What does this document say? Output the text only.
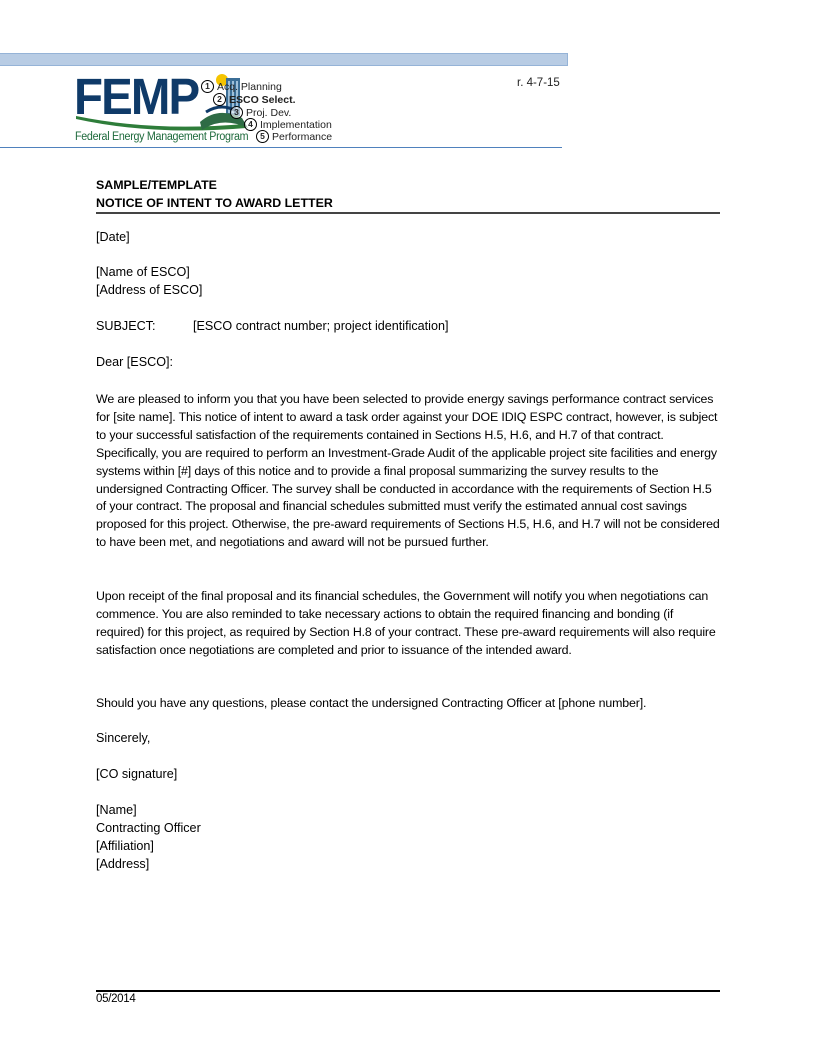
FEMP
Federal Energy Management Program
1 Acq. Planning
2 ESCO Select.
3 Proj. Dev.
4 Implementation
5 Performance
r. 4-7-15
SAMPLE/TEMPLATE
NOTICE OF INTENT TO AWARD LETTER
[Date]
[Name of ESCO]
[Address of ESCO]
SUBJECT:	[ESCO contract number; project identification]
Dear [ESCO]:
We are pleased to inform you that you have been selected to provide energy savings performance contract services for [site name]. This notice of intent to award a task order against your DOE IDIQ ESPC contract, however, is subject to your successful satisfaction of the requirements contained in Sections H.5, H.6, and H.7 of that contract. Specifically, you are required to perform an Investment-Grade Audit of the applicable project site facilities and energy systems within [#] days of this notice and to provide a final proposal summarizing the survey results to the undersigned Contracting Officer. The survey shall be conducted in accordance with the requirements of Section H.5 of your contract. The proposal and financial schedules submitted must verify the estimated annual cost savings proposed for this project. Otherwise, the pre-award requirements of Sections H.5, H.6, and H.7 will not be considered to have been met, and negotiations and award will not be pursued further.
Upon receipt of the final proposal and its financial schedules, the Government will notify you when negotiations can commence. You are also reminded to take necessary actions to obtain the required financing and bonding (if required) for this project, as required by Section H.8 of your contract. These pre-award requirements will also require satisfaction once negotiations are completed and prior to issuance of the intended award.
Should you have any questions, please contact the undersigned Contracting Officer at [phone number].
Sincerely,
[CO signature]
[Name]
Contracting Officer
[Affiliation]
[Address]
05/2014
